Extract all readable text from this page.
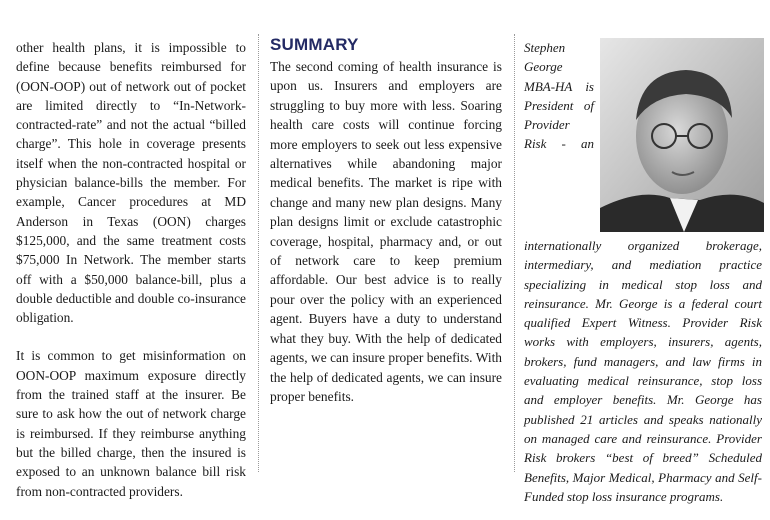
other health plans, it is impossible to define because benefits reimbursed for (OON-OOP) out of network out of pocket are limited directly to “In-Network-contracted-rate” and not the actual “billed charge”. This hole in coverage presents itself when the non-contracted hospital or physician balance-bills the member. For example, Cancer procedures at MD Anderson in Texas (OON) charges $125,000, and the same treatment costs $75,000 In Network. The member starts off with a $50,000 balance-bill, plus a double deductible and double co-insurance obligation.

It is common to get misinformation on OON-OOP maximum exposure directly from the trained staff at the insurer. Be sure to ask how the out of network charge is reimbursed. If they reimburse anything but the billed charge, then the insured is exposed to an unknown balance bill risk from non-contracted providers.

SUMMARY

The second coming of health insurance is upon us. Insurers and employers are struggling to buy more with less. Soaring health care costs will continue forcing more employers to seek out less expensive alternatives while abandoning major medical benefits. The market is ripe with change and many new plan designs. Many plan designs limit or exclude catastrophic coverage, hospital, pharmacy and, or out of network care to keep premium affordable. Our best advice is to really pour over the policy with an experienced agent. Buyers have a duty to understand what they buy. With the help of dedicated agents, we can insure proper benefits. With the help of dedicated agents, we can insure proper benefits.

Stephen George MBA-HA is President of Provider Risk - an internationally organized brokerage, intermediary, and mediation practice specializing in medical stop loss and reinsurance. Mr. George is a federal court qualified Expert Witness. Provider Risk works with employers, insurers, agents, brokers, fund managers, and law firms in evaluating medical reinsurance, stop loss and employer benefits. Mr. George has published 21 articles and speaks nationally on managed care and reinsurance. Provider Risk brokers “best of breed” Scheduled Benefits, Major Medical, Pharmacy and Self-Funded stop loss insurance programs.
